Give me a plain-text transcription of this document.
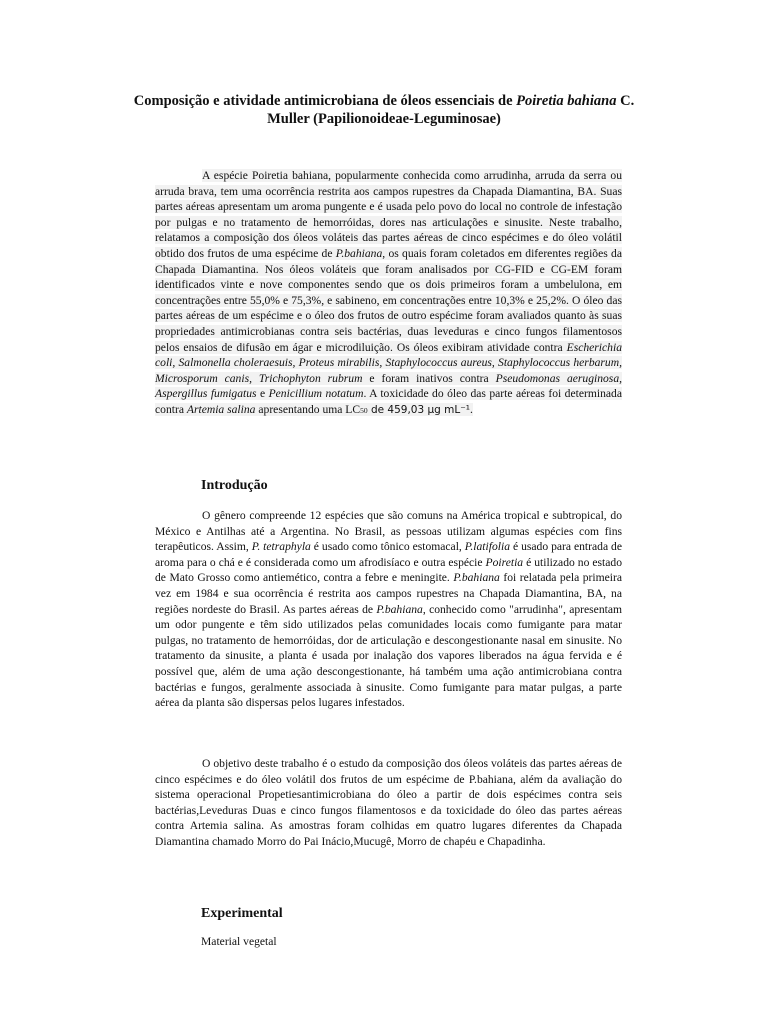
Composição e atividade antimicrobiana de óleos essenciais de Poiretia bahiana C. Muller (Papilionoideae-Leguminosae)

A espécie Poiretia bahiana, popularmente conhecida como arrudinha, arruda da serra ou arruda brava, tem uma ocorrência restrita aos campos rupestres da Chapada Diamantina, BA. Suas partes aéreas apresentam um aroma pungente e é usada pelo povo do local no controle de infestação por pulgas e no tratamento de hemorróidas, dores nas articulações e sinusite. Neste trabalho, relatamos a composição dos óleos voláteis das partes aéreas de cinco espécimes e do óleo volátil obtido dos frutos de uma espécime de P.bahiana, os quais foram coletados em diferentes regiões da Chapada Diamantina. Nos óleos voláteis que foram analisados por CG-FID e CG-EM foram identificados vinte e nove componentes sendo que os dois primeiros foram a umbelulona, em concentrações entre 55,0% e 75,3%, e sabineno, em concentrações entre 10,3% e 25,2%. O óleo das partes aéreas de um espécime e o óleo dos frutos de outro espécime foram avaliados quanto às suas propriedades antimicrobianas contra seis bactérias, duas leveduras e cinco fungos filamentosos pelos ensaios de difusão em ágar e microdiluição. Os óleos exibiram atividade contra Escherichia coli, Salmonella choleraesuis, Proteus mirabilis, Staphylococcus aureus, Staphylococcus herbarum, Microsporum canis, Trichophyton rubrum e foram inativos contra Pseudomonas aeruginosa, Aspergillus fumigatus e Penicillium notatum. A toxicidade do óleo das parte aéreas foi determinada contra Artemia salina apresentando uma LC50 de 459,03 µg mL⁻¹.

Introdução

O gênero compreende 12 espécies que são comuns na América tropical e subtropical, do México e Antilhas até a Argentina. No Brasil, as pessoas utilizam algumas espécies com fins terapêuticos. Assim, P. tetraphyla é usado como tônico estomacal, P.latifolia é usado para entrada de aroma para o chá e é considerada como um afrodisíaco e outra espécie Poiretia é utilizado no estado de Mato Grosso como antiemético, contra a febre e meningite. P.bahiana foi relatada pela primeira vez em 1984 e sua ocorrência é restrita aos campos rupestres na Chapada Diamantina, BA, na regiões nordeste do Brasil. As partes aéreas de P.bahiana, conhecido como "arrudinha", apresentam um odor pungente e têm sido utilizados pelas comunidades locais como fumigante para matar pulgas, no tratamento de hemorróidas, dor de articulação e descongestionante nasal em sinusite. No tratamento da sinusite, a planta é usada por inalação dos vapores liberados na água fervida e é possível que, além de uma ação descongestionante, há também uma ação antimicrobiana contra bactérias e fungos, geralmente associada à sinusite. Como fumigante para matar pulgas, a parte aérea da planta são dispersas pelos lugares infestados.

O objetivo deste trabalho é o estudo da composição dos óleos voláteis das partes aéreas de cinco espécimes e do óleo volátil dos frutos de um espécime de P.bahiana, além da avaliação do sistema operacional Propetiesantimicrobiana do óleo a partir de dois espécimes contra seis bactérias,Leveduras Duas e cinco fungos filamentosos e da toxicidade do óleo das partes aéreas contra Artemia salina. As amostras foram colhidas em quatro lugares diferentes da Chapada Diamantina chamado Morro do Pai Inácio,Mucugê, Morro de chapéu e Chapadinha.

Experimental

Material vegetal
